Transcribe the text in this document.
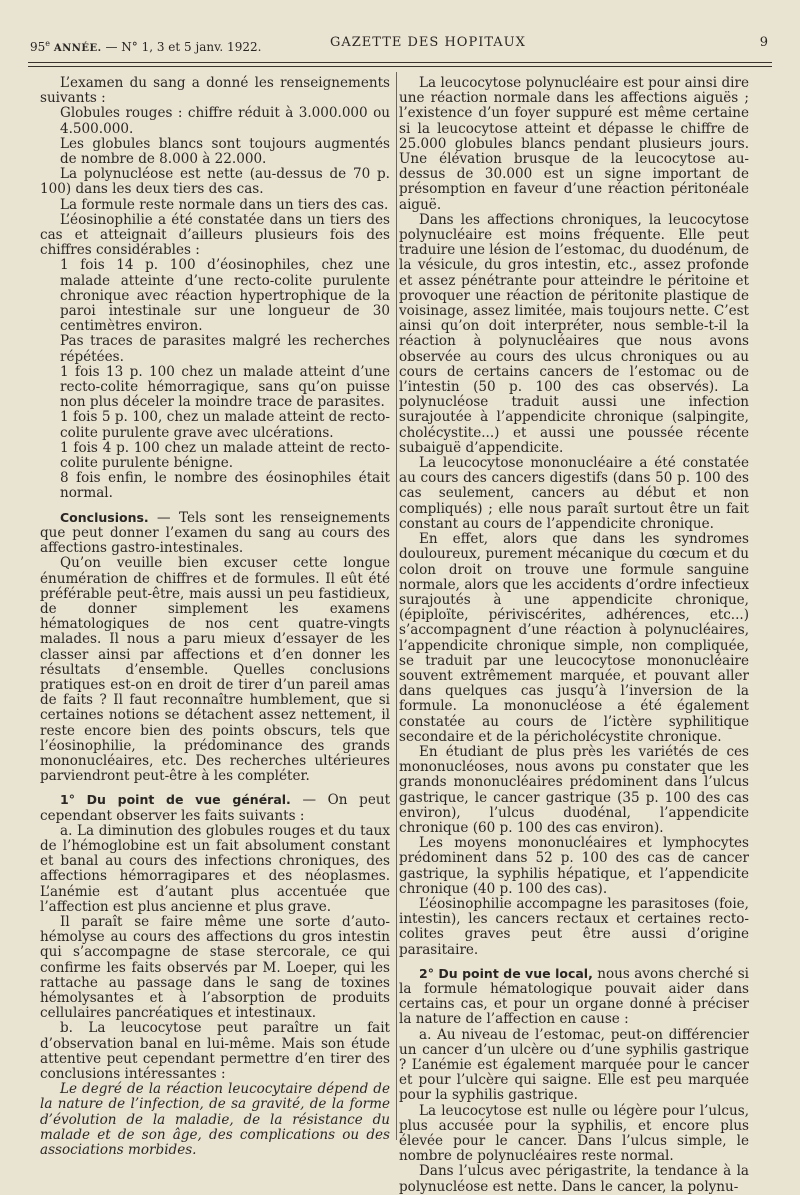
95e ANNÉE. — N° 1, 3 et 5 janv. 1922.	GAZETTE DES HOPITAUX	9

L’examen du sang a donné les renseignements suivants :

Globules rouges : chiffre réduit à 3.000.000 ou 4.500.000.

Les globules blancs sont toujours augmentés de nombre de 8.000 à 22.000.

La polynucléose est nette (au-dessus de 70 p. 100) dans les deux tiers des cas.

La formule reste normale dans un tiers des cas.

L’éosinophilie a été constatée dans un tiers des cas et atteignait d’ailleurs plusieurs fois des chiffres considérables :

1 fois 14 p. 100 d’éosinophiles, chez une malade atteinte d’une recto-colite purulente chronique avec réaction hypertrophique de la paroi intestinale sur une longueur de 30 centimètres environ.

Pas traces de parasites malgré les recherches répétées.

1 fois 13 p. 100 chez un malade atteint d’une recto-colite hémorragique, sans qu’on puisse non plus déceler la moindre trace de parasites.

1 fois 5 p. 100, chez un malade atteint de recto-colite purulente grave avec ulcérations.

1 fois 4 p. 100 chez un malade atteint de recto-colite purulente bénigne.

8 fois enfin, le nombre des éosinophiles était normal.

Conclusions. — Tels sont les renseignements que peut donner l’examen du sang au cours des affections gastro-intestinales.

Qu’on veuille bien excuser cette longue énumération de chiffres et de formules. Il eût été préférable peut-être, mais aussi un peu fastidieux, de donner simplement les examens hématologiques de nos cent quatre-vingts malades. Il nous a paru mieux d’essayer de les classer ainsi par affections et d’en donner les résultats d’ensemble. Quelles conclusions pratiques est-on en droit de tirer d’un pareil amas de faits ? Il faut reconnaître humblement, que si certaines notions se détachent assez nettement, il reste encore bien des points obscurs, tels que l’éosinophilie, la prédominance des grands mononucléaires, etc. Des recherches ultérieures parviendront peut-être à les compléter.

1° Du point de vue général. — On peut cependant observer les faits suivants :

a. La diminution des globules rouges et du taux de l’hémoglobine est un fait absolument constant et banal au cours des infections chroniques, des affections hémorragipares et des néoplasmes. L’anémie est d’autant plus accentuée que l’affection est plus ancienne et plus grave.

Il paraît se faire même une sorte d’auto-hémolyse au cours des affections du gros intestin qui s’accompagne de stase stercorale, ce qui confirme les faits observés par M. Loeper, qui les rattache au passage dans le sang de toxines hémolysantes et à l’absorption de produits cellulaires pancréatiques et intestinaux.

b. La leucocytose peut paraître un fait d’observation banal en lui-même. Mais son étude attentive peut cependant permettre d’en tirer des conclusions intéressantes :

Le degré de la réaction leucocytaire dépend de la nature de l’infection, de sa gravité, de la forme d’évolution de la maladie, de la résistance du malade et de son âge, des complications ou des associations morbides.

La leucocytose polynucléaire est pour ainsi dire une réaction normale dans les affections aiguës ; l’existence d’un foyer suppuré est même certaine si la leucocytose atteint et dépasse le chiffre de 25.000 globules blancs pendant plusieurs jours. Une élévation brusque de la leucocytose au-dessus de 30.000 est un signe important de présomption en faveur d’une réaction péritonéale aiguë.

Dans les affections chroniques, la leucocytose polynucléaire est moins fréquente. Elle peut traduire une lésion de l’estomac, du duodénum, de la vésicule, du gros intestin, etc., assez profonde et assez pénétrante pour atteindre le péritoine et provoquer une réaction de péritonite plastique de voisinage, assez limitée, mais toujours nette. C’est ainsi qu’on doit interpréter, nous semble-t-il la réaction à polynucléaires que nous avons observée au cours des ulcus chroniques ou au cours de certains cancers de l’estomac ou de l’intestin (50 p. 100 des cas observés). La polynucléose traduit aussi une infection surajoutée à l’appendicite chronique (salpingite, cholécystite...) et aussi une poussée récente subaiguë d’appendicite.

La leucocytose mononucléaire a été constatée au cours des cancers digestifs (dans 50 p. 100 des cas seulement, cancers au début et non compliqués) ; elle nous paraît surtout être un fait constant au cours de l’appendicite chronique.

En effet, alors que dans les syndromes douloureux, purement mécanique du cœcum et du colon droit on trouve une formule sanguine normale, alors que les accidents d’ordre infectieux surajoutés à une appendicite chronique, (épiploïte, périviscérites, adhérences, etc...) s’accompagnent d’une réaction à polynucléaires, l’appendicite chronique simple, non compliquée, se traduit par une leucocytose mononucléaire souvent extrêmement marquée, et pouvant aller dans quelques cas jusqu’à l’inversion de la formule. La mononucléose a été également constatée au cours de l’ictère syphilitique secondaire et de la péricholécystite chronique.

En étudiant de plus près les variétés de ces mononucléoses, nous avons pu constater que les grands mononucléaires prédominent dans l’ulcus gastrique, le cancer gastrique (35 p. 100 des cas environ), l’ulcus duodénal, l’appendicite chronique (60 p. 100 des cas environ).

Les moyens mononucléaires et lymphocytes prédominent dans 52 p. 100 des cas de cancer gastrique, la syphilis hépatique, et l’appendicite chronique (40 p. 100 des cas).

L’éosinophilie accompagne les parasitoses (foie, intestin), les cancers rectaux et certaines recto-colites graves peut être aussi d’origine parasitaire.

2° Du point de vue local, nous avons cherché si la formule hématologique pouvait aider dans certains cas, et pour un organe donné à préciser la nature de l’affection en cause :

a. Au niveau de l’estomac, peut-on différencier un cancer d’un ulcère ou d’une syphilis gastrique ? L’anémie est également marquée pour le cancer et pour l’ulcère qui saigne. Elle est peu marquée pour la syphilis gastrique.

La leucocytose est nulle ou légère pour l’ulcus, plus accusée pour la syphilis, et encore plus élevée pour le cancer. Dans l’ulcus simple, le nombre de polynucléaires reste normal.

Dans l’ulcus avec périgastrite, la tendance à la polynucléose est nette. Dans le cancer, la polynu-
